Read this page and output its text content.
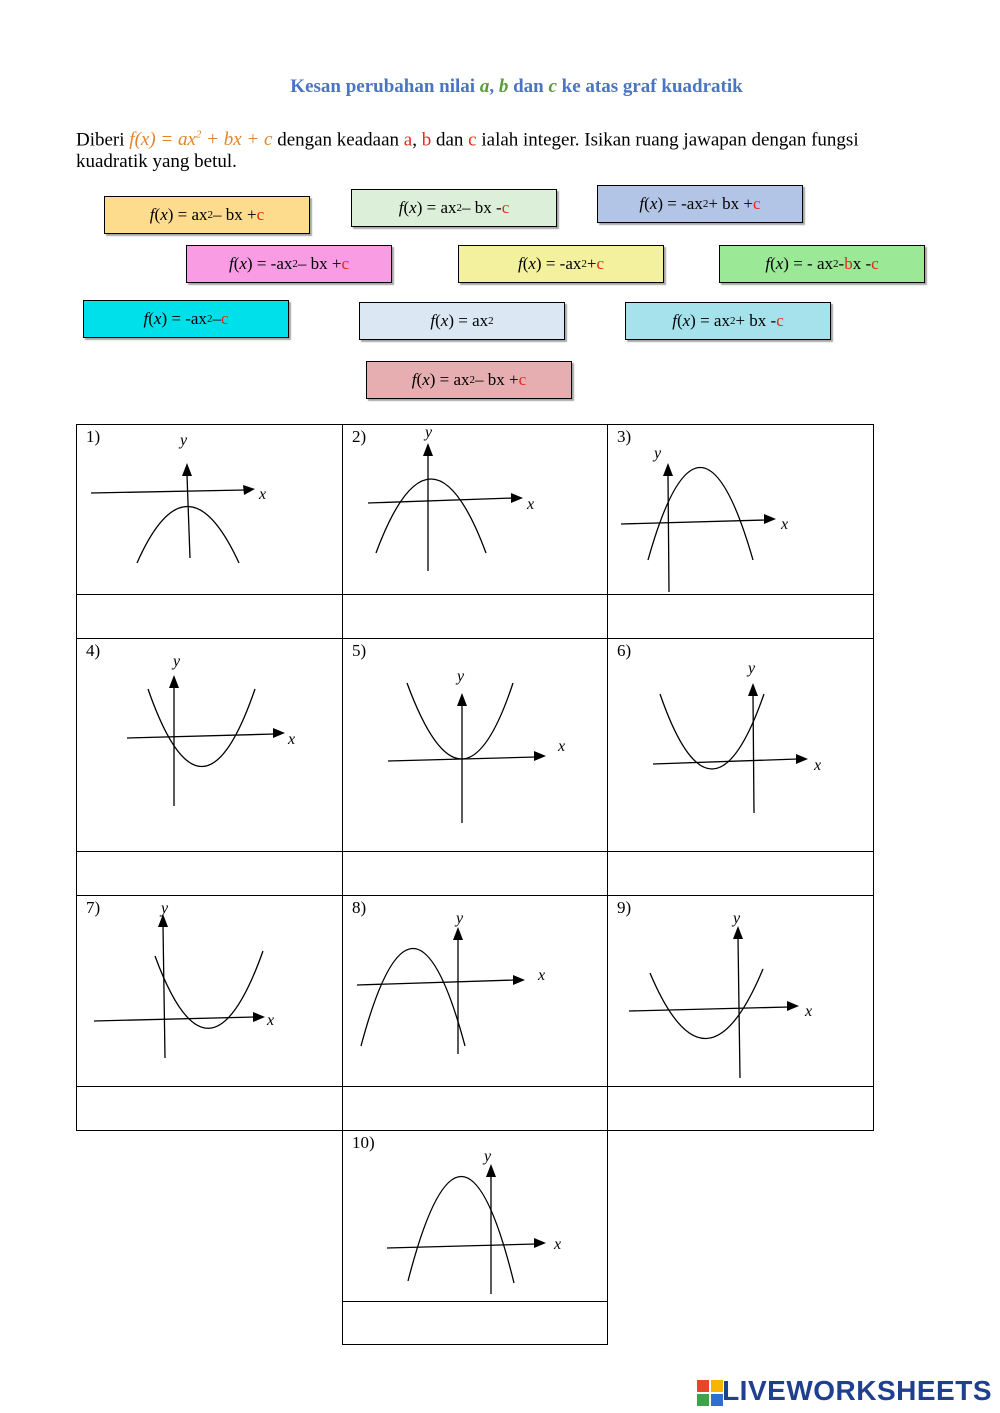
Kesan perubahan nilai a, b dan c ke atas graf kuadratik
Diberi $f(x) = ax^2$ + bx + c dengan keadaan a, b dan c ialah integer. Isikan ruang jawapan dengan fungsi kuadratik yang betul.
f ( x ) = ax 2 – bx + c	f ( x ) = ax 2 – bx - c	f ( x ) = -ax 2 + bx + c
f ( x ) = -ax 2 – bx + c	f ( x ) = -ax 2 + c	f ( x ) = - ax 2 - b x - c
f ( x ) = -ax 2 – c	f ( x ) = ax 2	f ( x ) = ax 2 + bx - c
f ( x ) = ax 2 – bx + c
1)
x
y	2)
x
y	3)
x
y
4)
x
y
5)
x
y
6)
x
y
7)
x
y	8)
x
y
9)
x
y
10)
x
y
LIVEWORKSHEETS
